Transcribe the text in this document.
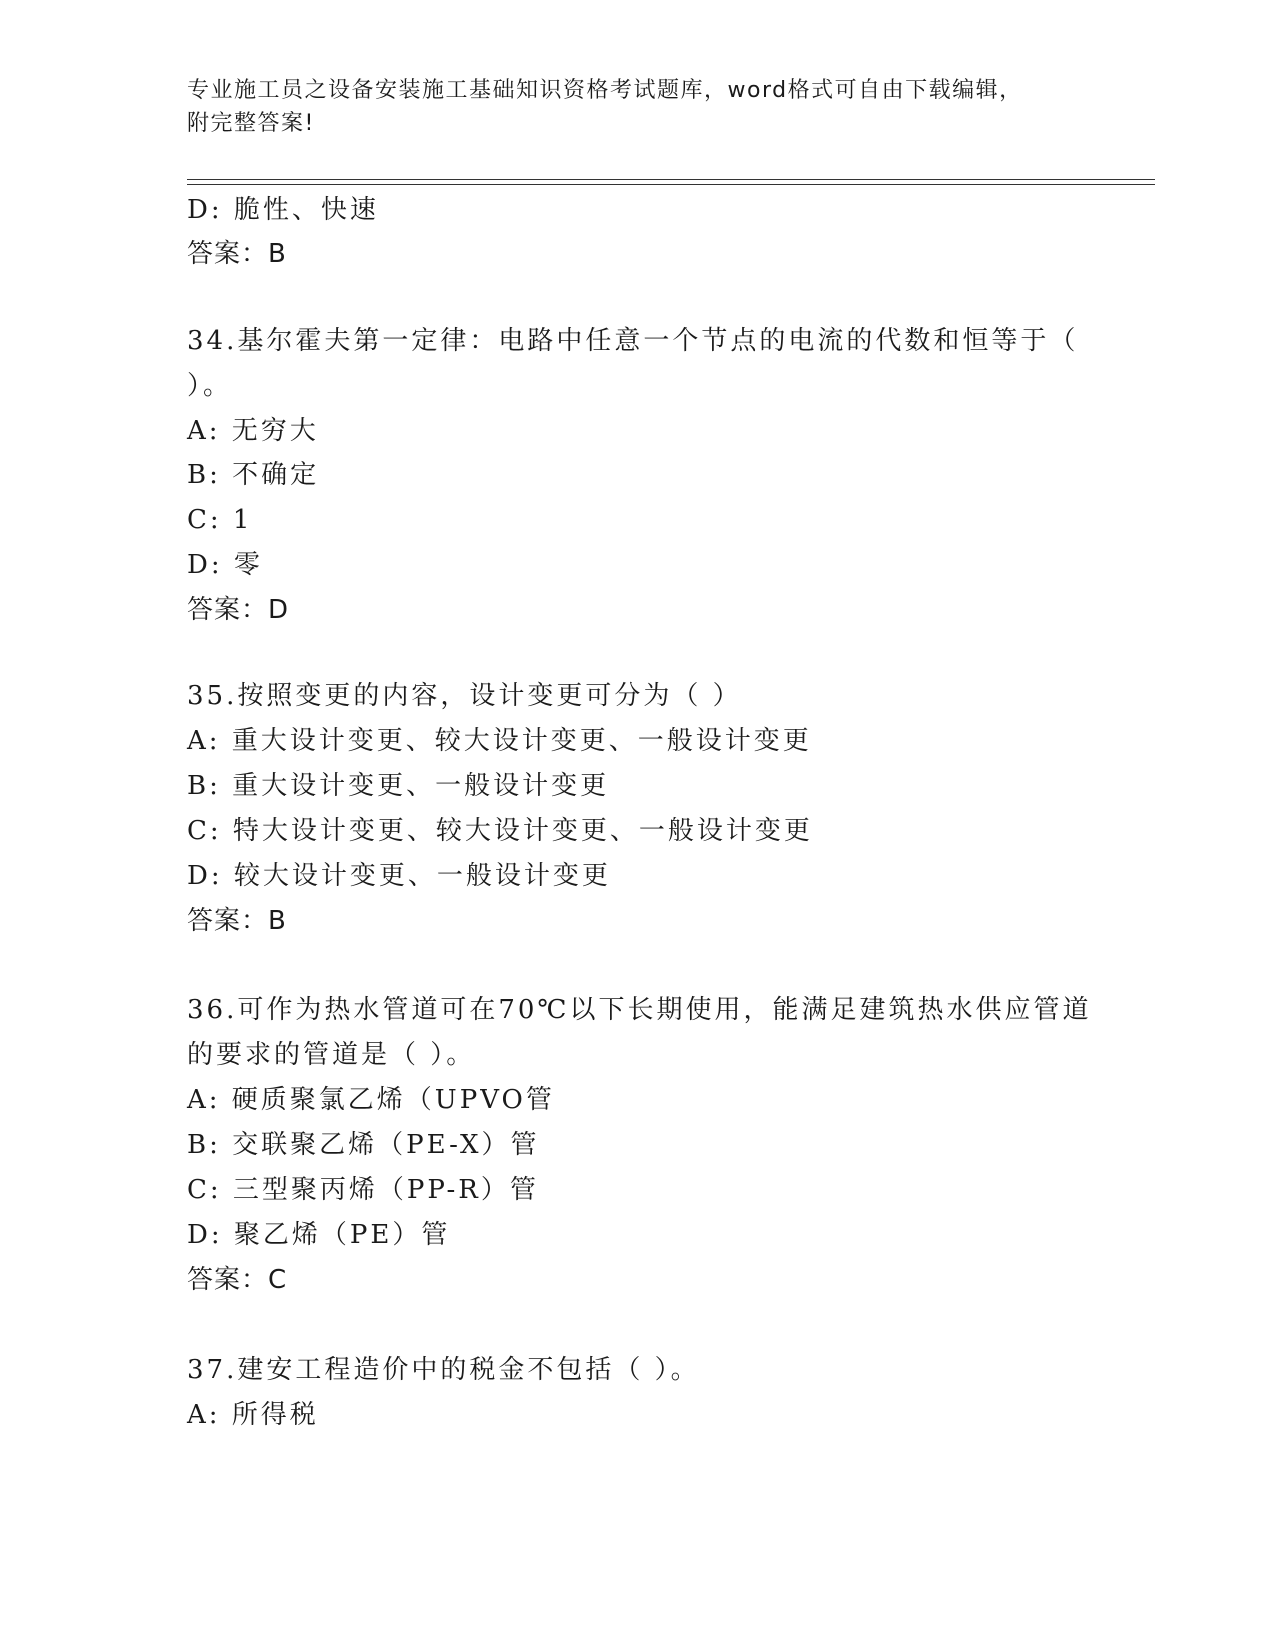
专业施工员之设备安装施工基础知识资格考试题库，word格式可自由下载编辑，
附完整答案!
D: 脆性、快速
答案：B
34.基尔霍夫第一定律：电路中任意一个节点的电流的代数和恒等于（
）。
A: 无穷大
B: 不确定
C: 1
D: 零
答案：D
35.按照变更的内容，设计变更可分为（ ）
A: 重大设计变更、较大设计变更、一般设计变更
B: 重大设计变更、一般设计变更
C: 特大设计变更、较大设计变更、一般设计变更
D: 较大设计变更、一般设计变更
答案：B
36.可作为热水管道可在70℃以下长期使用，能满足建筑热水供应管道
的要求的管道是（ ）。
A: 硬质聚氯乙烯（UPVO管
B: 交联聚乙烯（PE-X）管
C: 三型聚丙烯（PP-R）管
D: 聚乙烯（PE）管
答案：C
37.建安工程造价中的税金不包括（ ）。
A: 所得税
